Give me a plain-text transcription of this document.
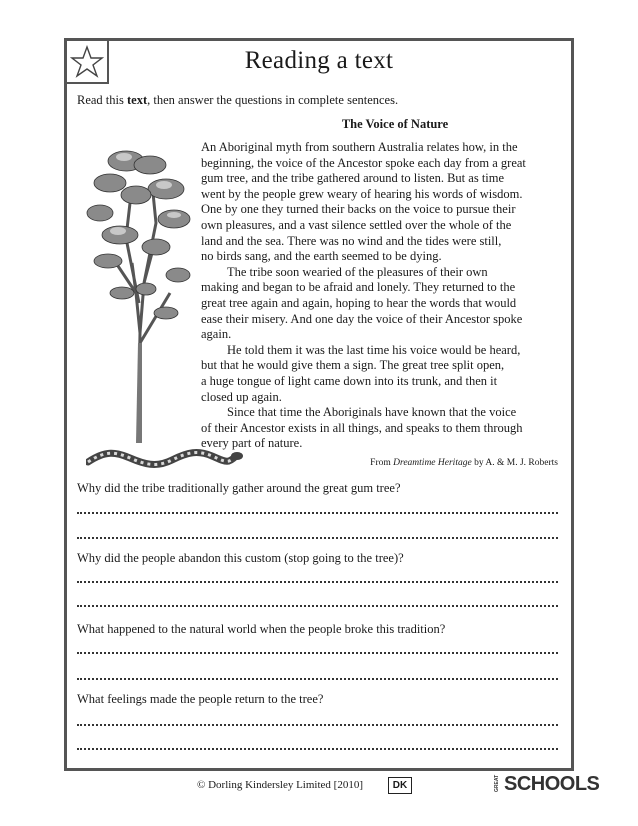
Reading a text
Read this text, then answer the questions in complete sentences.
The Voice of Nature

An Aboriginal myth from southern Australia relates how, in the
beginning, the voice of the Ancestor spoke each day from a great
gum tree, and the tribe gathered around to listen. But as time
went by the people grew weary of hearing his words of wisdom.
One by one they turned their backs on the voice to pursue their
own pleasures, and a vast silence settled over the whole of the
land and the sea. There was no wind and the tides were still,
no birds sang, and the earth seemed to be dying.

The tribe soon wearied of the pleasures of their own
making and began to be afraid and lonely. They returned to the
great tree again and again, hoping to hear the words that would
ease their misery. And one day the voice of their Ancestor spoke
again.

He told them it was the last time his voice would be heard,
but that he would give them a sign. The great tree split open,
a huge tongue of light came down into its trunk, and then it
closed up again.

Since that time the Aboriginals have known that the voice
of their Ancestor exists in all things, and speaks to them through
every part of nature.

From Dreamtime Heritage by A. & M. J. Roberts
Why did the tribe traditionally gather around the great gum tree?
Why did the people abandon this custom (stop going to the tree)?
What happened to the natural world when the people broke this tradition?
What feelings made the people return to the tree?
© Dorling Kindersley Limited [2010]	DK	GREAT SCHOOLS
